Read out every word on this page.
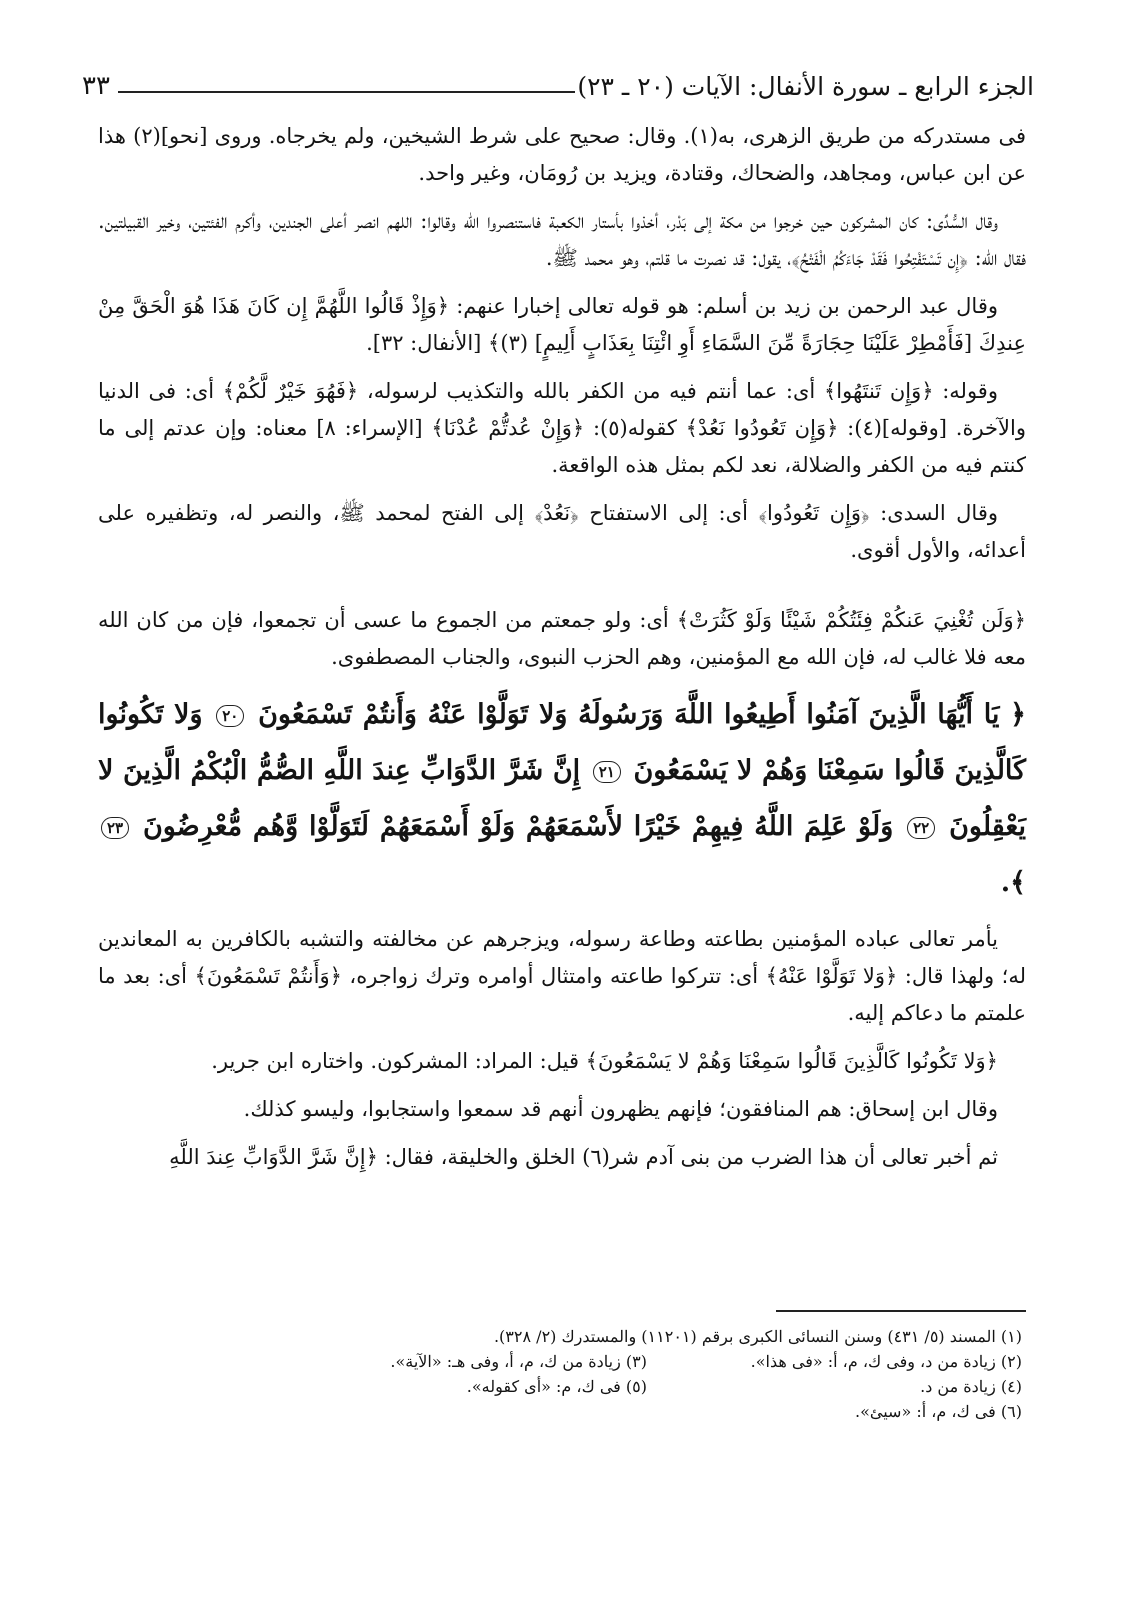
الجزء الرابع ـ سورة الأنفال: الآيات (٢٠ ـ ٢٣)
٣٣

فى مستدركه من طريق الزهرى، به(١). وقال: صحيح على شرط الشيخين، ولم يخرجاه. وروى [نحو](٢) هذا عن ابن عباس، ومجاهد، والضحاك، وقتادة، ويزيد بن رُومَان، وغير واحد.

وقال السُّدِّى: كان المشركون حين خرجوا من مكة إلى بَدْر، أخذوا بأستار الكعبة فاستنصروا الله وقالوا: اللهم انصر أعلى الجندين، وأكرم الفئتين، وخير القبيلتين. فقال الله: ﴿إِن تَسْتَفْتِحُوا فَقَدْ جَاءَكُمُ الْفَتْحُ﴾، يقول: قد نصرت ما قلتم، وهو محمد ﷺ.

وقال عبد الرحمن بن زيد بن أسلم: هو قوله تعالى إخبارا عنهم: ﴿وَإِذْ قَالُوا اللَّهُمَّ إِن كَانَ هَذَا هُوَ الْحَقَّ مِنْ عِندِكَ [فَأَمْطِرْ عَلَيْنَا حِجَارَةً مِّنَ السَّمَاءِ أَوِ ائْتِنَا بِعَذَابٍ أَلِيمٍ] (٣)﴾ [الأنفال: ٣٢].

وقوله: ﴿وَإِن تَنتَهُوا﴾ أى: عما أنتم فيه من الكفر بالله والتكذيب لرسوله، ﴿فَهُوَ خَيْرٌ لَّكُمْ﴾ أى: فى الدنيا والآخرة. [وقوله](٤): ﴿وَإِن تَعُودُوا نَعُدْ﴾ كقوله(٥): ﴿وَإِنْ عُدتُّمْ عُدْنَا﴾ [الإسراء: ٨] معناه: وإن عدتم إلى ما كنتم فيه من الكفر والضلالة، نعد لكم بمثل هذه الواقعة.

وقال السدى: ﴿وَإِن تَعُودُوا﴾ أى: إلى الاستفتاح ﴿نَعُدْ﴾ إلى الفتح لمحمد ﷺ، والنصر له، وتظفيره على أعدائه، والأول أقوى.

﴿وَلَن تُغْنِيَ عَنكُمْ فِئَتُكُمْ شَيْئًا وَلَوْ كَثُرَتْ﴾ أى: ولو جمعتم من الجموع ما عسى أن تجمعوا، فإن من كان الله معه فلا غالب له، فإن الله مع المؤمنين، وهم الحزب النبوى، والجناب المصطفوى.

﴿ يَا أَيُّهَا الَّذِينَ آمَنُوا أَطِيعُوا اللَّهَ وَرَسُولَهُ وَلا تَوَلَّوْا عَنْهُ وَأَنتُمْ تَسْمَعُونَ ٢٠ وَلا تَكُونُوا كَالَّذِينَ قَالُوا سَمِعْنَا وَهُمْ لا يَسْمَعُونَ ٢١ إِنَّ شَرَّ الدَّوَابِّ عِندَ اللَّهِ الصُّمُّ الْبُكْمُ الَّذِينَ لا يَعْقِلُونَ ٢٢ وَلَوْ عَلِمَ اللَّهُ فِيهِمْ خَيْرًا لأَسْمَعَهُمْ وَلَوْ أَسْمَعَهُمْ لَتَوَلَّوْا وَّهُم مُّعْرِضُونَ ٢٣ ﴾.

يأمر تعالى عباده المؤمنين بطاعته وطاعة رسوله، ويزجرهم عن مخالفته والتشبه بالكافرين به المعاندين له؛ ولهذا قال: ﴿وَلا تَوَلَّوْا عَنْهُ﴾ أى: تتركوا طاعته وامتثال أوامره وترك زواجره، ﴿وَأَنتُمْ تَسْمَعُونَ﴾ أى: بعد ما علمتم ما دعاكم إليه.

﴿وَلا تَكُونُوا كَالَّذِينَ قَالُوا سَمِعْنَا وَهُمْ لا يَسْمَعُونَ﴾ قيل: المراد: المشركون. واختاره ابن جرير.

وقال ابن إسحاق: هم المنافقون؛ فإنهم يظهرون أنهم قد سمعوا واستجابوا، وليسو كذلك.

ثم أخبر تعالى أن هذا الضرب من بنى آدم شر(٦) الخلق والخليقة، فقال: ﴿إِنَّ شَرَّ الدَّوَابِّ عِندَ اللَّهِ

(١) المسند (٥/ ٤٣١) وسنن النسائى الكبرى برقم (١١٢٠١) والمستدرك (٢/ ٣٢٨).
(٢) زيادة من د، وفى ك، م، أ: «فى هذا».
(٣) زيادة من ك، م، أ، وفى هـ: «الآية».
(٤) زيادة من د.
(٥) فى ك، م: «أى كقوله».
(٦) فى ك، م، أ: «سيئ».
